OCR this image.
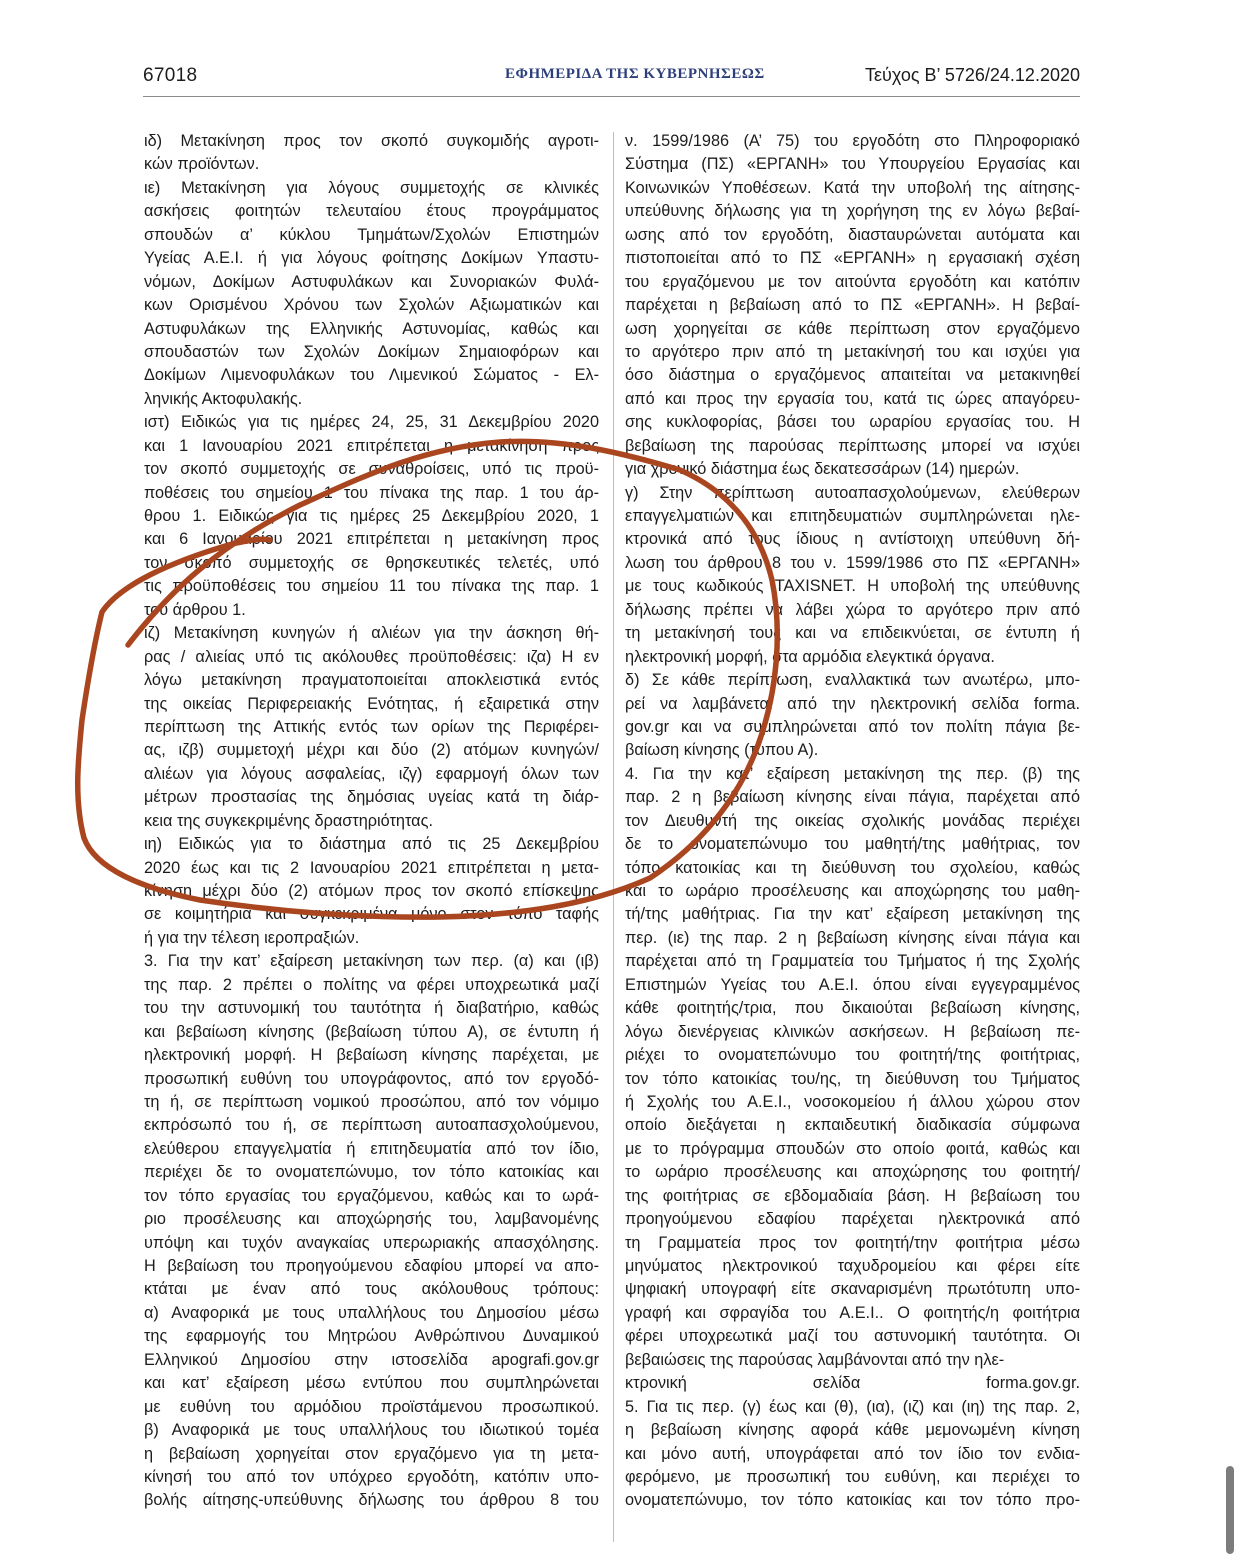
67018	ΕΦΗΜΕΡΙΔΑ ΤΗΣ ΚΥΒΕΡΝΗΣΕΩΣ	Τεύχος Β’ 5726/24.12.2020
ιδ) Μετακίνηση προς τον σκοπό συγκομιδής αγροτι-
κών προϊόντων.
ιε) Μετακίνηση για λόγους συμμετοχής σε κλινικές
ασκήσεις φοιτητών τελευταίου έτους προγράμματος
σπουδών α’ κύκλου Τμημάτων/Σχολών Επιστημών
Υγείας Α.Ε.Ι. ή για λόγους φοίτησης Δοκίμων Υπαστυ-
νόμων, Δοκίμων Αστυφυλάκων και Συνοριακών Φυλά-
κων Ορισμένου Χρόνου των Σχολών Αξιωματικών και
Αστυφυλάκων της Ελληνικής Αστυνομίας, καθώς και
σπουδαστών των Σχολών Δοκίμων Σημαιοφόρων και
Δοκίμων Λιμενοφυλάκων του Λιμενικού Σώματος - Ελ-
ληνικής Ακτοφυλακής.
ιστ) Ειδικώς για τις ημέρες 24, 25, 31 Δεκεμβρίου 2020
και 1 Ιανουαρίου 2021 επιτρέπεται η μετακίνηση προς
τον σκοπό συμμετοχής σε συναθροίσεις, υπό τις προϋ-
ποθέσεις του σημείου 1 του πίνακα της παρ. 1 του άρ-
θρου 1. Ειδικώς για τις ημέρες 25 Δεκεμβρίου 2020, 1
και 6 Ιανουαρίου 2021 επιτρέπεται η μετακίνηση προς
τον σκοπό συμμετοχής σε θρησκευτικές τελετές, υπό
τις προϋποθέσεις του σημείου 11 του πίνακα της παρ. 1
του άρθρου 1.
ιζ) Μετακίνηση κυνηγών ή αλιέων για την άσκηση θή-
ρας / αλιείας υπό τις ακόλουθες προϋποθέσεις: ιζα) Η εν
λόγω μετακίνηση πραγματοποιείται αποκλειστικά εντός
της οικείας Περιφερειακής Ενότητας, ή εξαιρετικά στην
περίπτωση της Αττικής εντός των ορίων της Περιφέρει-
ας, ιζβ) συμμετοχή μέχρι και δύο (2) ατόμων κυνηγών/
αλιέων για λόγους ασφαλείας, ιζγ) εφαρμογή όλων των
μέτρων προστασίας της δημόσιας υγείας κατά τη διάρ-
κεια της συγκεκριμένης δραστηριότητας.
ιη) Ειδικώς για το διάστημα από τις 25 Δεκεμβρίου
2020 έως και τις 2 Ιανουαρίου 2021 επιτρέπεται η μετα-
κίνηση μέχρι δύο (2) ατόμων προς τον σκοπό επίσκεψης
σε κοιμητήρια και συγκεκριμένα μόνο στον τόπο ταφής
ή για την τέλεση ιεροπραξιών.
3. Για την κατ’ εξαίρεση μετακίνηση των περ. (α) και (ιβ)
της παρ. 2 πρέπει ο πολίτης να φέρει υποχρεωτικά μαζί
του την αστυνομική του ταυτότητα ή διαβατήριο, καθώς
και βεβαίωση κίνησης (βεβαίωση τύπου Α), σε έντυπη ή
ηλεκτρονική μορφή. Η βεβαίωση κίνησης παρέχεται, με
προσωπική ευθύνη του υπογράφοντος, από τον εργοδό-
τη ή, σε περίπτωση νομικού προσώπου, από τον νόμιμο
εκπρόσωπό του ή, σε περίπτωση αυτοαπασχολούμενου,
ελεύθερου επαγγελματία ή επιτηδευματία από τον ίδιο,
περιέχει δε το ονοματεπώνυμο, τον τόπο κατοικίας και
τον τόπο εργασίας του εργαζόμενου, καθώς και το ωρά-
ριο προσέλευσης και αποχώρησής του, λαμβανομένης
υπόψη και τυχόν αναγκαίας υπερωριακής απασχόλησης.
Η βεβαίωση του προηγούμενου εδαφίου μπορεί να απο-
κτάται με έναν από τους ακόλουθους τρόπους:
α) Αναφορικά με τους υπαλλήλους του Δημοσίου μέσω
της εφαρμογής του Μητρώου Ανθρώπινου Δυναμικού
Ελληνικού Δημοσίου στην ιστοσελίδα apografi.gov.gr
και κατ’ εξαίρεση μέσω εντύπου που συμπληρώνεται
με ευθύνη του αρμόδιου προϊστάμενου προσωπικού.
β) Αναφορικά με τους υπαλλήλους του ιδιωτικού τομέα
η βεβαίωση χορηγείται στον εργαζόμενο για τη μετα-
κίνησή του από τον υπόχρεο εργοδότη, κατόπιν υπο-
βολής αίτησης-υπεύθυνης δήλωσης του άρθρου 8 του
ν. 1599/1986 (Α’ 75) του εργοδότη στο Πληροφοριακό
Σύστημα (ΠΣ) «ΕΡΓΑΝΗ» του Υπουργείου Εργασίας και
Κοινωνικών Υποθέσεων. Κατά την υποβολή της αίτησης-
υπεύθυνης δήλωσης για τη χορήγηση της εν λόγω βεβαί-
ωσης από τον εργοδότη, διασταυρώνεται αυτόματα και
πιστοποιείται από το ΠΣ «ΕΡΓΑΝΗ» η εργασιακή σχέση
του εργαζόμενου με τον αιτούντα εργοδότη και κατόπιν
παρέχεται η βεβαίωση από το ΠΣ «ΕΡΓΑΝΗ». Η βεβαί-
ωση χορηγείται σε κάθε περίπτωση στον εργαζόμενο
το αργότερο πριν από τη μετακίνησή του και ισχύει για
όσο διάστημα ο εργαζόμενος απαιτείται να μετακινηθεί
από και προς την εργασία του, κατά τις ώρες απαγόρευ-
σης κυκλοφορίας, βάσει του ωραρίου εργασίας του. Η
βεβαίωση της παρούσας περίπτωσης μπορεί να ισχύει
για χρονικό διάστημα έως δεκατεσσάρων (14) ημερών.
γ) Στην περίπτωση αυτοαπασχολούμενων, ελεύθερων
επαγγελματιών και επιτηδευματιών συμπληρώνεται ηλε-
κτρονικά από τους ίδιους η αντίστοιχη υπεύθυνη δή-
λωση του άρθρου 8 του ν. 1599/1986 στο ΠΣ «ΕΡΓΑΝΗ»
με τους κωδικούς TAXISNET. Η υποβολή της υπεύθυνης
δήλωσης πρέπει να λάβει χώρα το αργότερο πριν από
τη μετακίνησή τους και να επιδεικνύεται, σε έντυπη ή
ηλεκτρονική μορφή, στα αρμόδια ελεγκτικά όργανα.
δ) Σε κάθε περίπτωση, εναλλακτικά των ανωτέρω, μπο-
ρεί να λαμβάνεται από την ηλεκτρονική σελίδα forma.
gov.gr και να συμπληρώνεται από τον πολίτη πάγια βε-
βαίωση κίνησης (τύπου Α).
4. Για την κατ’ εξαίρεση μετακίνηση της περ. (β) της
παρ. 2 η βεβαίωση κίνησης είναι πάγια, παρέχεται από
τον Διευθυντή της οικείας σχολικής μονάδας περιέχει
δε το ονοματεπώνυμο του μαθητή/της μαθήτριας, τον
τόπο κατοικίας και τη διεύθυνση του σχολείου, καθώς
και το ωράριο προσέλευσης και αποχώρησης του μαθη-
τή/της μαθήτριας. Για την κατ’ εξαίρεση μετακίνηση της
περ. (ιε) της παρ. 2 η βεβαίωση κίνησης είναι πάγια και
παρέχεται από τη Γραμματεία του Τμήματος ή της Σχολής
Επιστημών Υγείας του Α.Ε.Ι. όπου είναι εγγεγραμμένος
κάθε φοιτητής/τρια, που δικαιούται βεβαίωση κίνησης,
λόγω διενέργειας κλινικών ασκήσεων. Η βεβαίωση πε-
ριέχει το ονοματεπώνυμο του φοιτητή/της φοιτήτριας,
τον τόπο κατοικίας του/ης, τη διεύθυνση του Τμήματος
ή Σχολής του Α.Ε.Ι., νοσοκομείου ή άλλου χώρου στον
οποίο διεξάγεται η εκπαιδευτική διαδικασία σύμφωνα
με το πρόγραμμα σπουδών στο οποίο φοιτά, καθώς και
το ωράριο προσέλευσης και αποχώρησης του φοιτητή/
της φοιτήτριας σε εβδομαδιαία βάση. Η βεβαίωση του
προηγούμενου εδαφίου παρέχεται ηλεκτρονικά από
τη Γραμματεία προς τον φοιτητή/την φοιτήτρια μέσω
μηνύματος ηλεκτρονικού ταχυδρομείου και φέρει είτε
ψηφιακή υπογραφή είτε σκαναρισμένη πρωτότυπη υπο-
γραφή και σφραγίδα του Α.Ε.Ι.. Ο φοιτητής/η φοιτήτρια
φέρει υποχρεωτικά μαζί του αστυνομική ταυτότητα. Οι
βεβαιώσεις της παρούσας λαμβάνονται από την ηλε-
κτρονική σελίδα forma.gov.gr.
5. Για τις περ. (γ) έως και (θ), (ια), (ιζ) και (ιη) της παρ. 2,
η βεβαίωση κίνησης αφορά κάθε μεμονωμένη κίνηση
και μόνο αυτή, υπογράφεται από τον ίδιο τον ενδια-
φερόμενο, με προσωπική του ευθύνη, και περιέχει το
ονοματεπώνυμο, τον τόπο κατοικίας και τον τόπο προ-
